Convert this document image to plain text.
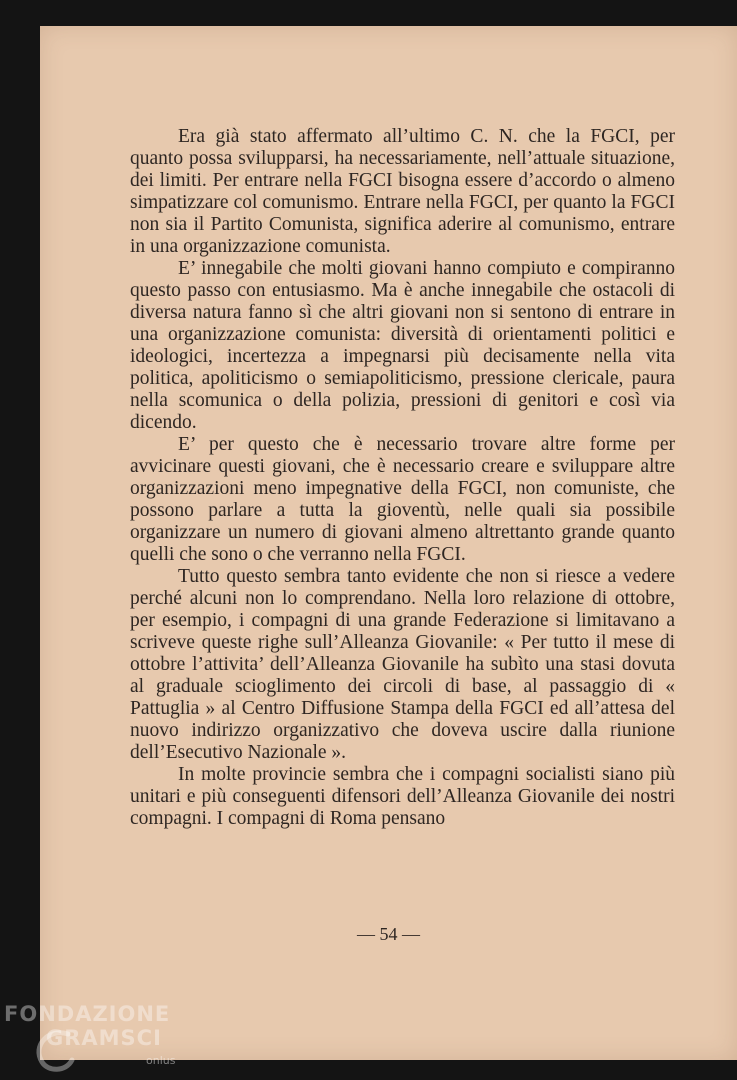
Era già stato affermato all’ultimo C. N. che la FGCI, per quanto possa svilupparsi, ha necessariamente, nell’attuale situazione, dei limiti. Per entrare nella FGCI bisogna essere d’accordo o almeno simpatizzare col comunismo. Entrare nella FGCI, per quanto la FGCI non sia il Partito Comunista, significa aderire al comunismo, entrare in una organizzazione comunista.

E’ innegabile che molti giovani hanno compiuto e compiranno questo passo con entusiasmo. Ma è anche innegabile che ostacoli di diversa natura fanno sì che altri giovani non si sentono di entrare in una organizzazione comunista: diversità di orientamenti politici e ideologici, incertezza a impegnarsi più decisamente nella vita politica, apoliticismo o semiapoliticismo, pressione clericale, paura nella scomunica o della polizia, pressioni di genitori e così via dicendo.

E’ per questo che è necessario trovare altre forme per avvicinare questi giovani, che è necessario creare e sviluppare altre organizzazioni meno impegnative della FGCI, non comuniste, che possono parlare a tutta la gioventù, nelle quali sia possibile organizzare un numero di giovani almeno altrettanto grande quanto quelli che sono o che verranno nella FGCI.

Tutto questo sembra tanto evidente che non si riesce a vedere perché alcuni non lo comprendano. Nella loro relazione di ottobre, per esempio, i compagni di una grande Federazione si limitavano a scriveve queste righe sull’Alleanza Giovanile: « Per tutto il mese di ottobre l’attivita’ dell’Alleanza Giovanile ha subìto una stasi dovuta al graduale scioglimento dei circoli di base, al passaggio di « Pattuglia » al Centro Diffusione Stampa della FGCI ed all’attesa del nuovo indirizzo organizzativo che doveva uscire dalla riunione dell’Esecutivo Nazionale ».

In molte provincie sembra che i compagni socialisti siano più unitari e più conseguenti difensori dell’Alleanza Giovanile dei nostri compagni. I compagni di Roma pensano

— 54 —
FONDAZIONE
GRAMSCI
onlus
